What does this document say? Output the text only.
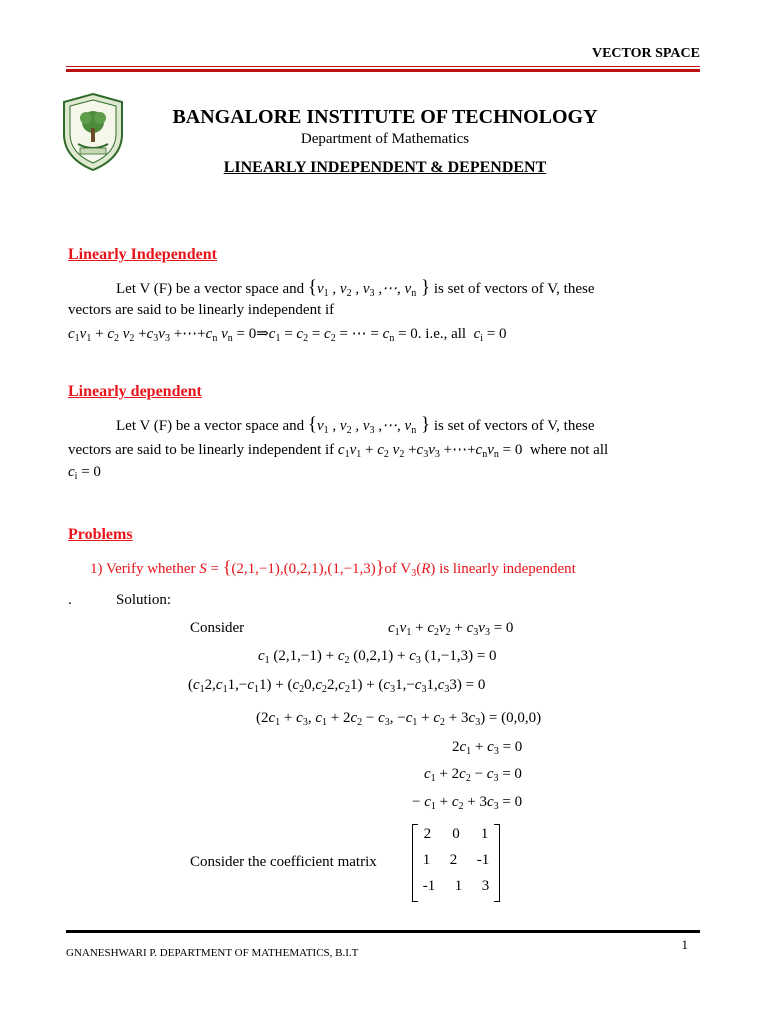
VECTOR SPACE
BANGALORE INSTITUTE OF TECHNOLOGY
Department of Mathematics
LINEARLY INDEPENDENT & DEPENDENT
Linearly Independent
Let V (F) be a vector space and {$v_1$ , $v_2$ , $v_3$ ,⋯, $v_n$ } is set of vectors of V, these
vectors are said to be linearly independent if
$c_1v_1 + c_2$ $v_2 +c_3v_3$ $+\cdots+c_n$ $v_n$ = $0\Rightarrow c_1 = c_2 = c_2$ = ⋯ = $c_n = 0$. i.e., all $c_i = 0$
Linearly dependent
Let V (F) be a vector space and {$v_1$ , $v_2$ , $v_3$ ,⋯, $v_n$ } is set of vectors of V, these
vectors are said to be linearly independent if $c_1v_1 + c_2$ $v_2 +c_3v_3$ $+\cdots+c_nv_n = 0$  where not all
$c_i = 0$
Problems
1) Verify whether S = {(2,1,−1),(0,2,1),(1,−1,3)}of $V_3(R)$ is linearly independent
.	Solution:
Consider	$c_1v_1 + c_2v_2 + c_3v_3 = 0$
$c_1$ $(2,1,-1) + c_2$ $(0,2,1) + c_3$ (1,−1,3) = 0
$(c_12,c_11,-c_11) + (c_20,c_22,c_21) + (c_31,-c_31,c_33) = 0$
($2c_1 + c_3$, $c_1 + 2c_2 - c_3$, $-c_1 + c_2 + 3c_3) = (0,0,0)$
$2c_1 + c_3 = 0$
$c_1 + 2c_2 - c_3 = 0$
− $c_1 + c_2 + 3c_3 = 0$
Consider the coefficient matrix
2 0 1
1 2 -1
-1 1 3
1
GNANESHWARI P. DEPARTMENT OF MATHEMATICS, B.I.T
